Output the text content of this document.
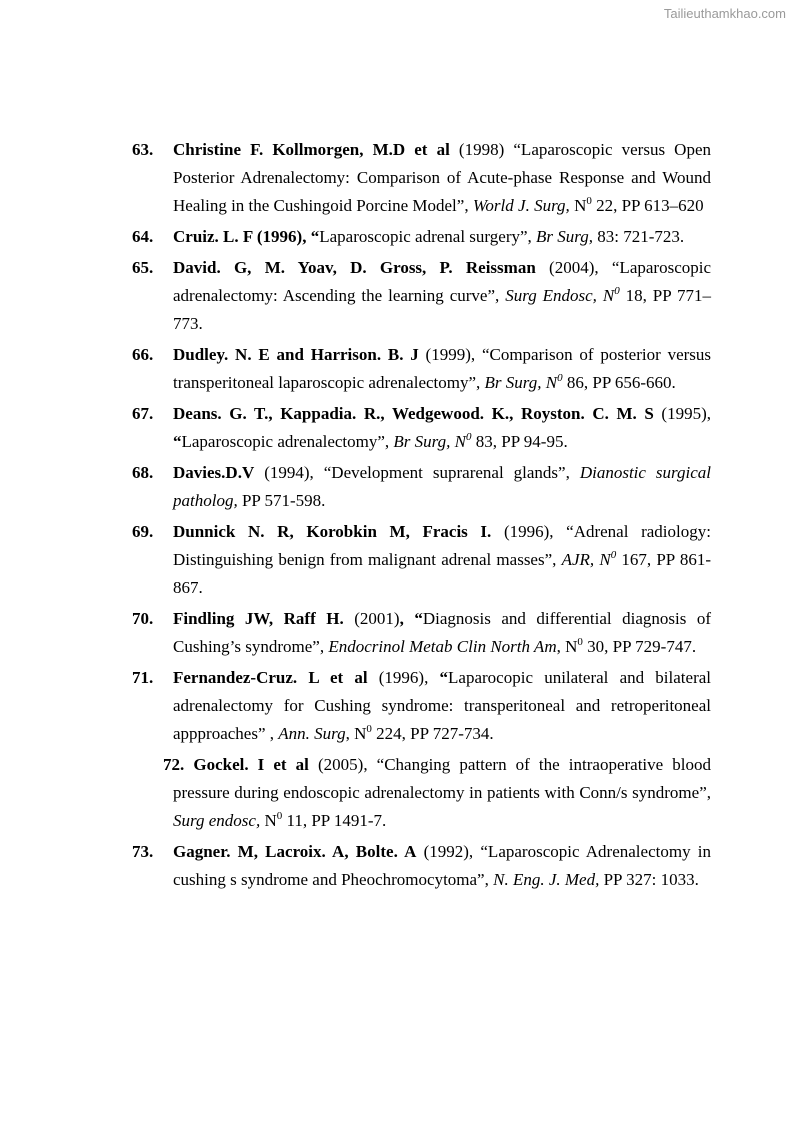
Tailieuthamkhao.com
63. Christine F. Kollmorgen, M.D et al (1998) “Laparoscopic versus Open Posterior Adrenalectomy: Comparison of Acute-phase Response and Wound Healing in the Cushingoid Porcine Model”, World J. Surg, $N^0$ 22, PP 613–620
64. Cruiz. L. F (1996), “Laparoscopic adrenal surgery”, Br Surg, 83: 721-723.
65. David. G, M. Yoav, D. Gross, P. Reissman (2004), “Laparoscopic adrenalectomy: Ascending the learning curve”, Surg Endosc, $N^0$ 18, PP 771–773.
66. Dudley. N. E and Harrison. B. J (1999), “Comparison of posterior versus transperitoneal laparoscopic adrenalectomy”, Br Surg, $N^0$ 86, PP 656-660.
67. Deans. G. T., Kappadia. R., Wedgewood. K., Royston. C. M. S (1995), “Laparoscopic adrenalectomy”, Br Surg, $N^0$ 83, PP 94-95.
68. Davies.D.V (1994), “Development suprarenal glands”, Dianostic surgical patholog, PP 571-598.
69. Dunnick N. R, Korobkin M, Fracis I. (1996), “Adrenal radiology: Distinguishing benign from malignant adrenal masses”, AJR, $N^0$ 167, PP 861-867.
70. Findling JW, Raff H. (2001), “Diagnosis and differential diagnosis of Cushing’s syndrome”, Endocrinol Metab Clin North Am, $N^0$ 30, PP 729-747.
71. Fernandez-Cruz. L et al (1996), “Laparocopic unilateral and bilateral adrenalectomy for Cushing syndrome: transperitoneal and retroperitoneal appproaches” , Ann. Surg, $N^0$ 224, PP 727-734.
72. Gockel. I et al (2005), “Changing pattern of the intraoperative blood pressure during endoscopic adrenalectomy in patients with Conn/s syndrome”, Surg endosc, $N^0$ 11, PP 1491-7.
73. Gagner. M, Lacroix. A, Bolte. A (1992), “Laparoscopic Adrenalectomy in cushing s syndrome and Pheochromocytoma”, N. Eng. J. Med, PP 327: 1033.
